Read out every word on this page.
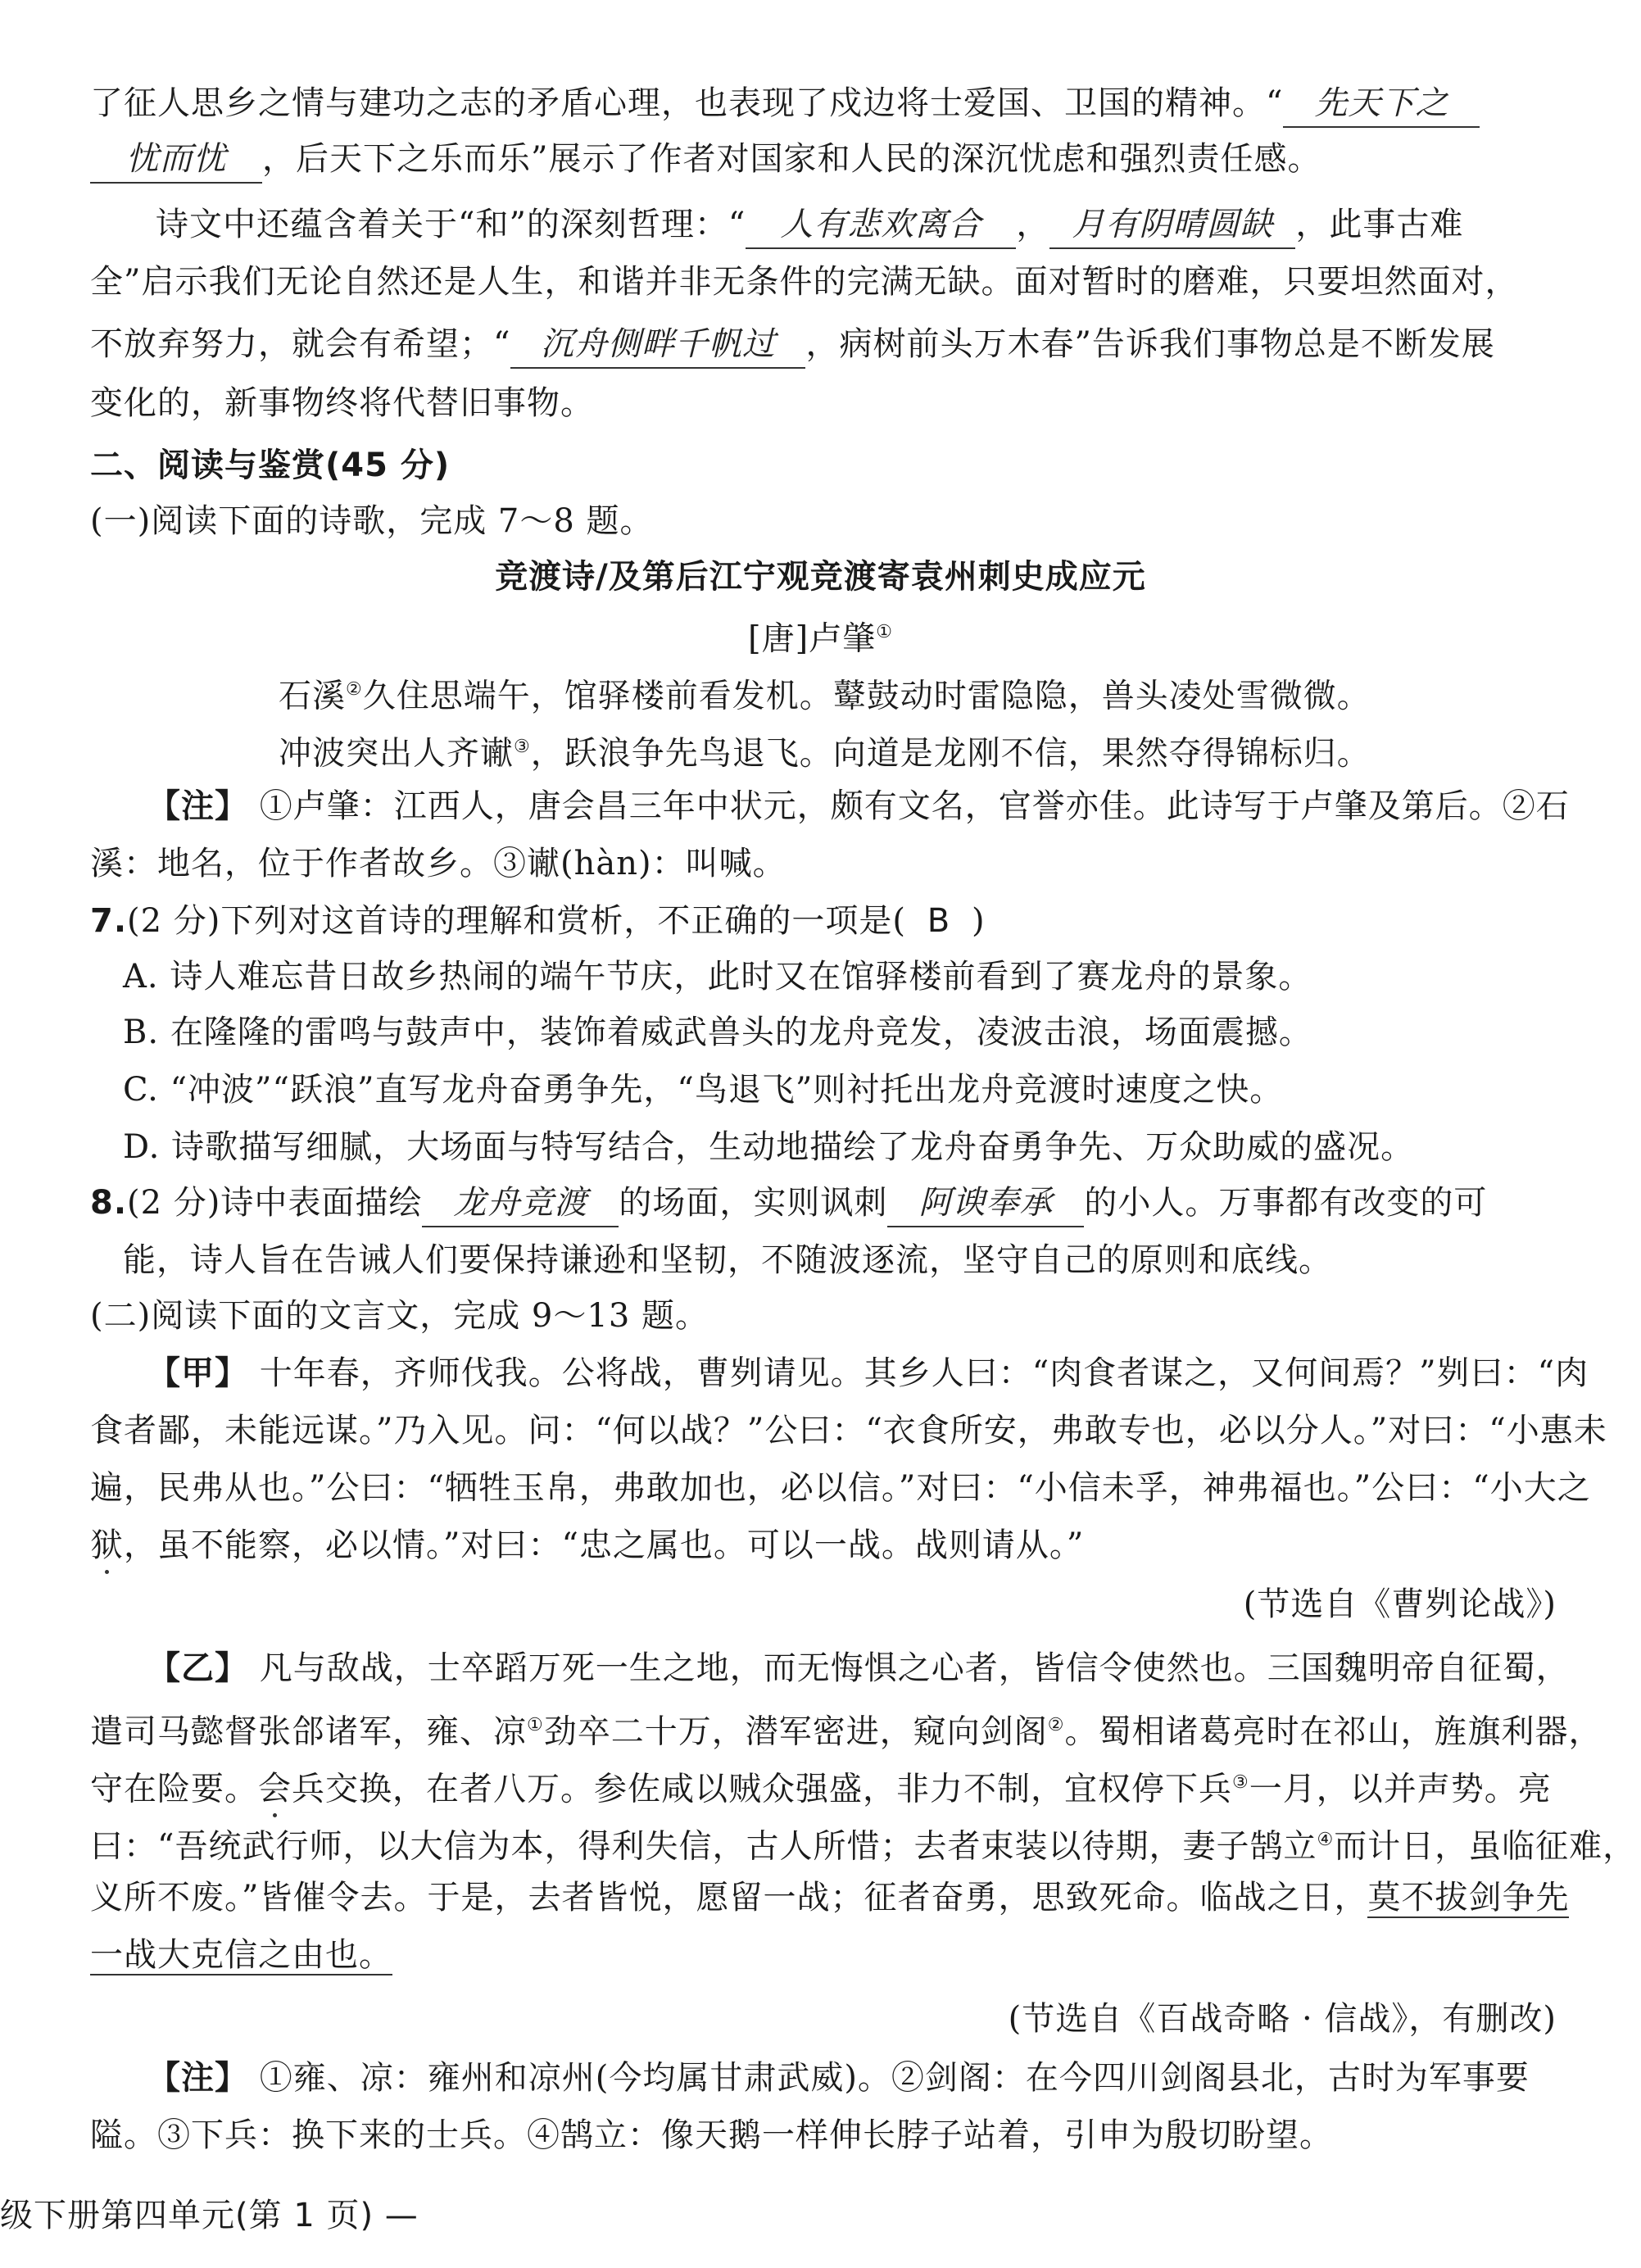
了征人思乡之情与建功之志的矛盾心理，也表现了戍边将士爱国、卫国的精神。“ 先天下之
忧而忧 ，后天下之乐而乐”展示了作者对国家和人民的深沉忧虑和强烈责任感。
诗文中还蕴含着关于“和”的深刻哲理：“ 人有悲欢离合 ， 月有阴晴圆缺 ，此事古难
全”启示我们无论自然还是人生，和谐并非无条件的完满无缺。面对暂时的磨难，只要坦然面对，
不放弃努力，就会有希望；“ 沉舟侧畔千帆过 ，病树前头万木春”告诉我们事物总是不断发展
变化的，新事物终将代替旧事物。
二、阅读与鉴赏(45 分)
(一)阅读下面的诗歌，完成 7～8 题。
竞渡诗/及第后江宁观竞渡寄袁州刺史成应元
[唐]卢肇①
石溪②久住思端午，馆驿楼前看发机。鼙鼓动时雷隐隐，兽头凌处雪微微。
冲波突出人齐谳③，跃浪争先鸟退飞。向道是龙刚不信，果然夺得锦标归。
【注】 ①卢肇：江西人，唐会昌三年中状元，颇有文名，官誉亦佳。此诗写于卢肇及第后。②石
溪：地名，位于作者故乡。③谳(hàn)：叫喊。
7.(2 分)下列对这首诗的理解和赏析，不正确的一项是( B )
A. 诗人难忘昔日故乡热闹的端午节庆，此时又在馆驿楼前看到了赛龙舟的景象。
B. 在隆隆的雷鸣与鼓声中，装饰着威武兽头的龙舟竞发，凌波击浪，场面震撼。
C. “冲波”“跃浪”直写龙舟奋勇争先，“鸟退飞”则衬托出龙舟竞渡时速度之快。
D. 诗歌描写细腻，大场面与特写结合，生动地描绘了龙舟奋勇争先、万众助威的盛况。
8.(2 分)诗中表面描绘 龙舟竞渡 的场面，实则讽刺 阿谀奉承 的小人。万事都有改变的可
能，诗人旨在告诫人们要保持谦逊和坚韧，不随波逐流，坚守自己的原则和底线。
(二)阅读下面的文言文，完成 9～13 题。
【甲】 十年春，齐师伐我。公将战，曹刿请见。其乡人曰：“肉食者谋之，又何间焉？”刿曰：“肉
食者鄙，未能远谋。”乃入见。问：“何以战？”公曰：“衣食所安，弗敢专也，必以分人。”对曰：“小惠未
遍，民弗从也。”公曰：“牺牲玉帛，弗敢加也，必以信。”对曰：“小信未孚，神弗福也。”公曰：“小大之
狱，虽不能察，必以情。”对曰：“忠之属也。可以一战。战则请从。”
(节选自《曹刿论战》)
【乙】 凡与敌战，士卒蹈万死一生之地，而无悔惧之心者，皆信令使然也。三国魏明帝自征蜀，
遣司马懿督张郃诸军，雍、凉①劲卒二十万，潜军密进，窥向剑阁②。蜀相诸葛亮时在祁山，旌旗利器，
守在险要。会兵交换，在者八万。参佐咸以贼众强盛，非力不制，宜权停下兵③一月，以并声势。亮
曰：“吾统武行师，以大信为本，得利失信，古人所惜；去者束装以待期，妻子鹄立④而计日，虽临征难，
义所不废。”皆催令去。于是，去者皆悦，愿留一战；征者奋勇，思致死命。临战之日，莫不拔剑争先
一战大克信之由也。
(节选自《百战奇略 · 信战》，有删改)
【注】 ①雍、凉：雍州和凉州(今均属甘肃武威)。②剑阁：在今四川剑阁县北，古时为军事要
隘。③下兵：换下来的士兵。④鹄立：像天鹅一样伸长脖子站着，引申为殷切盼望。
级下册第四单元(第 1 页) —
